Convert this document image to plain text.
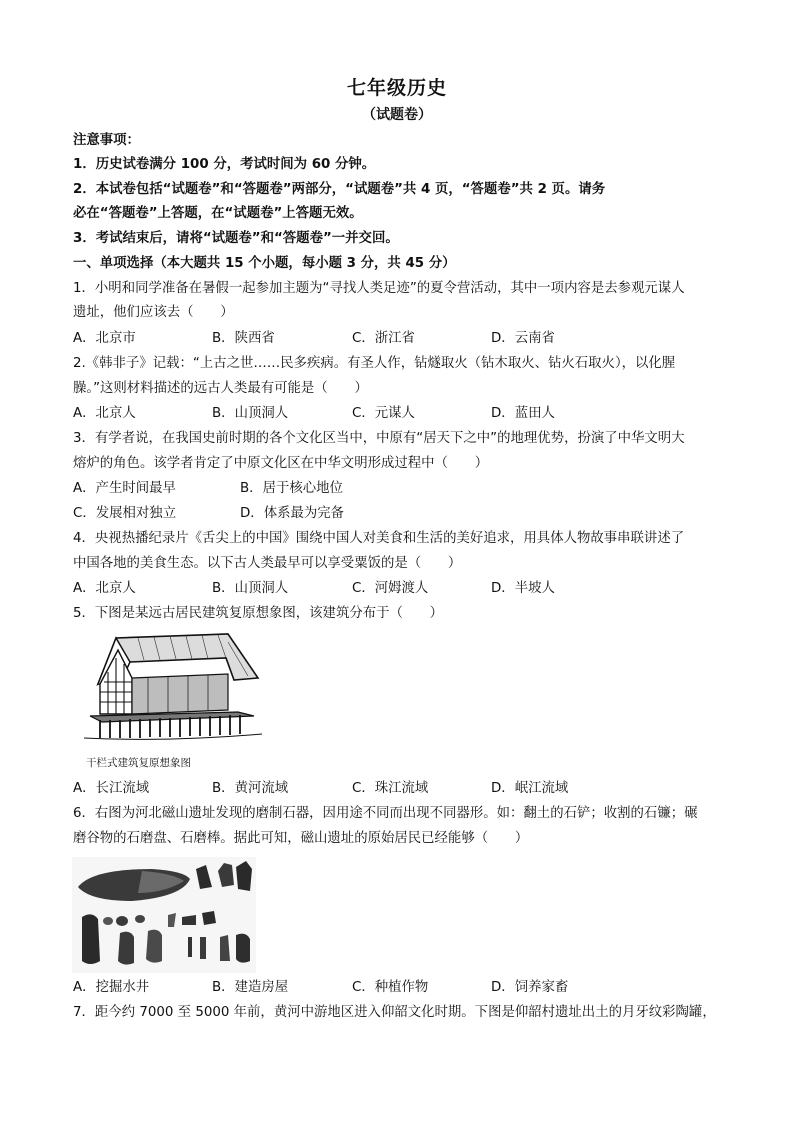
七年级历史
（试题卷）
注意事项：
1．历史试卷满分 100 分，考试时间为 60 分钟。
2．本试卷包括“试题卷”和“答题卷”两部分，“试题卷”共 4 页，“答题卷”共 2 页。请务
必在“答题卷”上答题，在“试题卷”上答题无效。
3．考试结束后，请将“试题卷”和“答题卷”一并交回。
一、单项选择（本大题共 15 个小题，每小题 3 分，共 45 分）
1．小明和同学准备在暑假一起参加主题为“寻找人类足迹”的夏令营活动，其中一项内容是去参观元谋人
遗址，他们应该去（　　）
A．北京市	B．陕西省	C．浙江省	D．云南省
2.《韩非子》记载：“上古之世……民多疾病。有圣人作，钻燧取火（钻木取火、钻火石取火），以化腥
臊。”这则材料描述的远古人类最有可能是（　　）
A．北京人	B．山顶洞人	C．元谋人	D．蓝田人
3．有学者说，在我国史前时期的各个文化区当中，中原有“居天下之中”的地理优势，扮演了中华文明大
熔炉的角色。该学者肯定了中原文化区在中华文明形成过程中（　　）
A．产生时间最早	B．居于核心地位
C．发展相对独立	D．体系最为完备
4．央视热播纪录片《舌尖上的中国》围绕中国人对美食和生活的美好追求，用具体人物故事串联讲述了
中国各地的美食生态。以下古人类最早可以享受粟饭的是（　　）
A．北京人	B．山顶洞人	C．河姆渡人	D．半坡人
5．下图是某远古居民建筑复原想象图，该建筑分布于（　　）
干栏式建筑复原想象图
A．长江流域	B．黄河流域	C．珠江流域	D．岷江流域
6．右图为河北磁山遗址发现的磨制石器，因用途不同而出现不同器形。如：翻土的石铲；收割的石镰；碾
磨谷物的石磨盘、石磨棒。据此可知，磁山遗址的原始居民已经能够（　　）
A．挖掘水井	B．建造房屋	C．种植作物	D．饲养家畜
7．距今约 7000 至 5000 年前，黄河中游地区进入仰韶文化时期。下图是仰韶村遗址出土的月牙纹彩陶罐，
